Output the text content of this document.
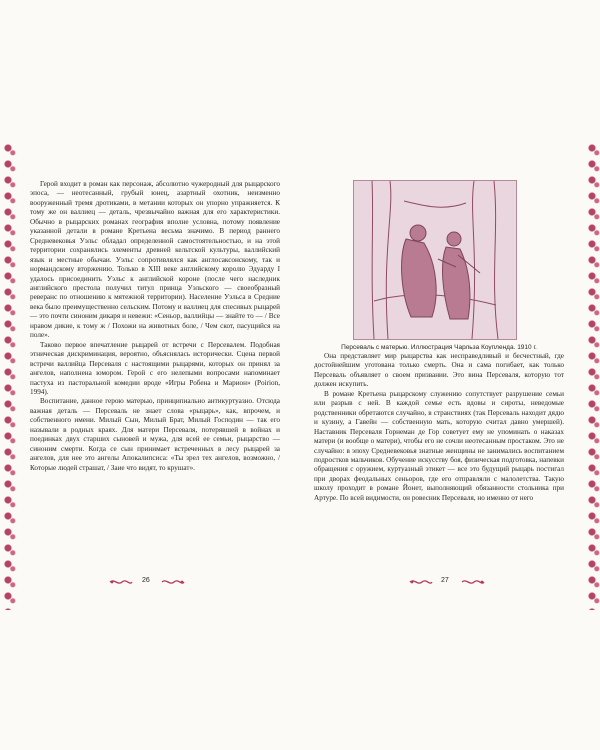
Герой входит в роман как персонаж, абсолютно чужеродный для рыцарского эпоса, — неотесанный, грубый юнец, азартный охотник, неизменно вооруженный тремя дротиками, в метании которых он упорно упражняется. К тому же он валлиец — деталь, чрезвычайно важная для его характеристики. Обычно в рыцарских романах география вполне условна, потому появление указанной детали в романе Кретьена весьма значимо. В период раннего Средневековья Уэльс обладал определенной самостоятельностью, и на этой территории сохранялись элементы древней кельтской культуры, валлийский язык и местные обычаи. Уэльс сопротивлялся как англосаксонскому, так и нормандскому вторжению. Только в XIII веке английскому королю Эдуарду I удалось присоединить Уэльс к английской короне (после чего наследник английского престола получил титул принца Уэльского — своеобразный реверанс по отношению к мятежной территории). Население Уэльса в Средние века было преимущественно сельским. Потому и валлиец для спесивых рыцарей — это почти синоним дикаря и невежи: «Сеньор, валлийцы — знайте то — / Все нравом дикие, к тому ж / Похожи на животных боле, / Чем скот, пасущийся на поле».

Таково первое впечатление рыцарей от встречи с Персевалем. Подобная этническая дискриминация, вероятно, объяснялась исторически. Сцена первой встречи валлийца Персеваля с настоящими рыцарями, которых он принял за ангелов, наполнена юмором. Герой с его нелепыми вопросами напоминает пастуха из пасторальной комедии вроде «Игры Робена и Марион» (Poirion, 1994).

Воспитание, данное герою матерью, принципиально антикуртуазно. Отсюда важная деталь — Персеваль не знает слова «рыцарь», как, впрочем, и собственного имени. Милый Сын, Милый Брат, Милый Господин — так его называли в родных краях. Для матери Персеваля, потерявшей в войнах и поединках двух старших сыновей и мужа, для всей ее семьи, рыцарство — синоним смерти. Когда се сын принимает встреченных в лесу рыцарей за ангелов, для нее это ангелы Апокалипсиса: «Ты зрел тех ангелов, возможно, / Которые людей страшат, / Заие что видят, то крушат».

Персеваль с матерью. Иллюстрация Чарльза Коупленда. 1910 г.

Она представляет мир рыцарства как несправедливый и бесчестный, где достойнейшим уготована только смерть. Она и сама погибает, как только Персеваль объявляет о своем призвании. Это вина Персеваля, которую тот должен искупить.

В романе Кретьена рыцарскому служению сопутствует разрушение семьи или разрыв с ней. В каждой семье есть вдовы и сироты, неведомые родственники обретаются случайно, в странствиях (так Персеваль находит дядю и кузину, а Гавейн — собственную мать, которую считал давно умершей). Наставник Персеваля Горнеман де Гор советует ему не упоминать о наказах матери (и вообще о матери), чтобы его не сочли неотесанным простаком. Это не случайно: в эпоху Средневековья знатные женщины не занимались воспитанием подростков мальчиков. Обучение искусству боя, физическая подготовка, напевки обращения с оружием, куртуазный этикет — все это будущий рыцарь постигал при дворах феодальных сеньоров, где его отправляли с малолетства. Такую школу проходит в романе Йонет, выполняющий обязанности стольника при Артуре. По всей видимости, он ровесник Персеваля, но именно от него

26	27
